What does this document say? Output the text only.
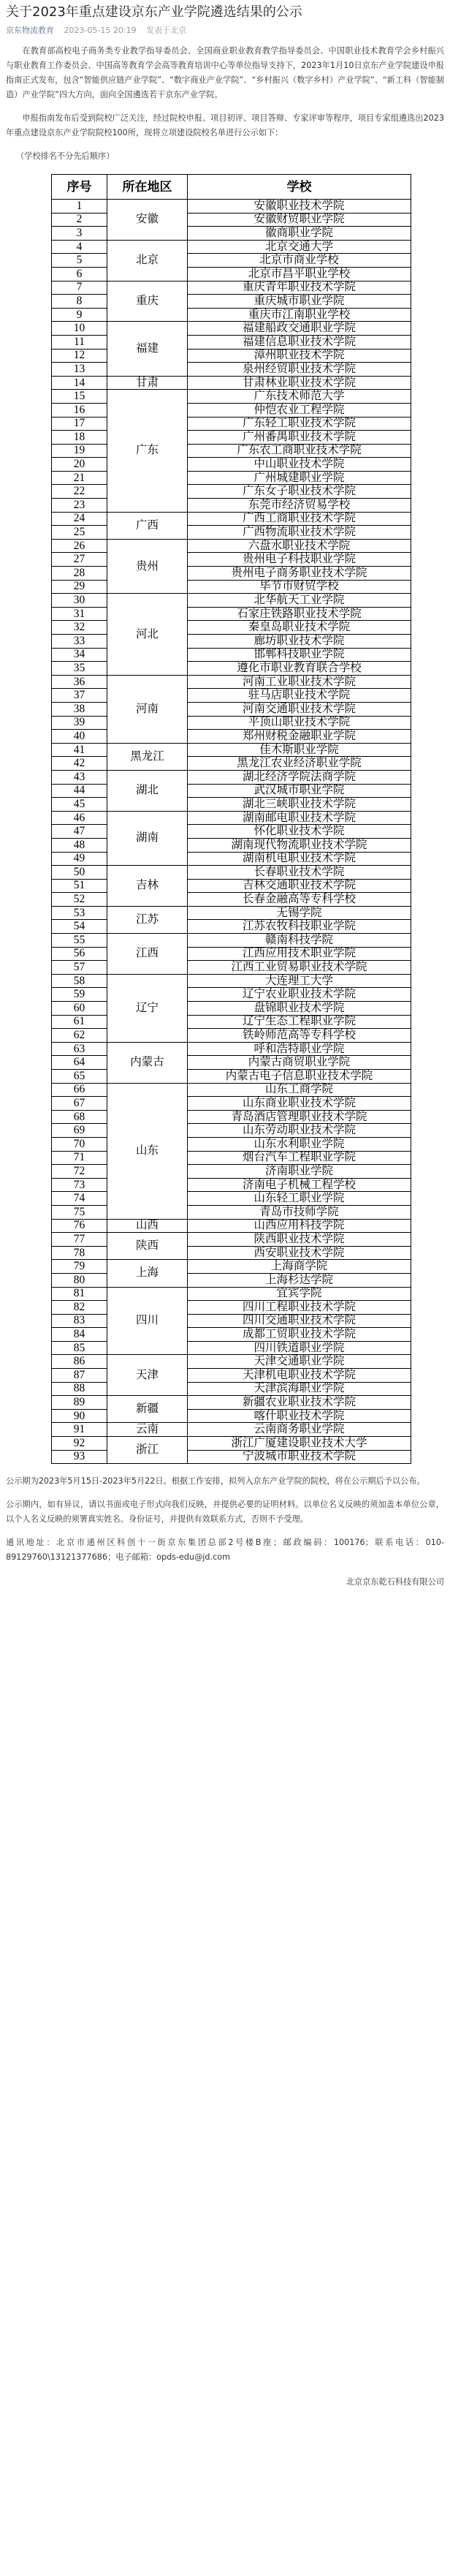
关于2023年重点建设京东产业学院遴选结果的公示
京东物流教育 2023-05-15 20:19 发表于北京

在教育部高校电子商务类专业教学指导委员会、全国商业职业教育教学指导委员会、中国职业技术教育学会乡村振兴与职业教育工作委员会、中国高等教育学会高等教育培训中心等单位指导支持下，2023年1月10日京东产业学院建设申报指南正式发布，包含“智能供应链产业学院”、“数字商业产业学院”、“乡村振兴（数字乡村）产业学院”、“新工科（智能制造）产业学院”四大方向，面向全国遴选若干京东产业学院。

申报指南发布后受到院校广泛关注，经过院校申报、项目初评、项目答辩、专家评审等程序，项目专家组遴选出2023年重点建设京东产业学院院校100所，现将立项建设院校名单进行公示如下：

（学校排名不分先后顺序）
序号	所在地区	学校
1	安徽	安徽职业技术学院
2		安徽财贸职业学院
3		徽商职业学院
4	北京	北京交通大学
5		北京市商业学校
6		北京市昌平职业学校
7	重庆	重庆青年职业技术学院
8		重庆城市职业学院
9		重庆市江南职业学校
10	福建	福建船政交通职业学院
11		福建信息职业技术学院
12		漳州职业技术学院
13		泉州经贸职业技术学院
14	甘肃	甘肃林业职业技术学院
15	广东	广东技术师范大学
16		仲恺农业工程学院
17		广东轻工职业技术学院
18		广州番禺职业技术学院
19		广东农工商职业技术学院
20		中山职业技术学院
21		广州城建职业学院
22		广东女子职业技术学院
23		东莞市经济贸易学校
24	广西	广西工商职业技术学院
25		广西物流职业技术学院
26	贵州	六盘水职业技术学院
27		贵州电子科技职业学院
28		贵州电子商务职业技术学院
29		毕节市财贸学校
30	河北	北华航天工业学院
31		石家庄铁路职业技术学院
32		秦皇岛职业技术学院
33		廊坊职业技术学院
34		邯郸科技职业学院
35		遵化市职业教育联合学校
36	河南	河南工业职业技术学院
37		驻马店职业技术学院
38		河南交通职业技术学院
39		平顶山职业技术学院
40		郑州财税金融职业学院
41	黑龙江	佳木斯职业学院
42		黑龙江农业经济职业学院
43	湖北	湖北经济学院法商学院
44		武汉城市职业学院
45		湖北三峡职业技术学院
46	湖南	湖南邮电职业技术学院
47		怀化职业技术学院
48		湖南现代物流职业技术学院
49		湖南机电职业技术学院
50	吉林	长春职业技术学院
51		吉林交通职业技术学院
52		长春金融高等专科学校
53	江苏	无锡学院
54		江苏农牧科技职业学院
55	江西	赣南科技学院
56		江西应用技术职业学院
57		江西工业贸易职业技术学院
58	辽宁	大连理工大学
59		辽宁农业职业技术学院
60		盘锦职业技术学院
61		辽宁生态工程职业学院
62		铁岭师范高等专科学校
63	内蒙古	呼和浩特职业学院
64		内蒙古商贸职业学院
65		内蒙古电子信息职业技术学院
66	山东	山东工商学院
67		山东商业职业技术学院
68		青岛酒店管理职业技术学院
69		山东劳动职业技术学院
70		山东水利职业学院
71		烟台汽车工程职业学院
72		济南职业学院
73		济南电子机械工程学校
74		山东轻工职业学院
75		青岛市技师学院
76	山西	山西应用科技学院
77	陕西	陕西职业技术学院
78		西安职业技术学院
79	上海	上海商学院
80		上海杉达学院
81	四川	宜宾学院
82		四川工程职业技术学院
83		四川交通职业技术学院
84		成都工贸职业技术学院
85		四川铁道职业学院
86	天津	天津交通职业学院
87		天津机电职业技术学院
88		天津滨海职业学院
89	新疆	新疆农业职业技术学院
90		喀什职业技术学院
91	云南	云南商务职业学院
92	浙江	浙江广厦建设职业技术大学
93		宁波城市职业技术学院

公示期为2023年5月15日-2023年5月22日。根据工作安排，拟列入京东产业学院的院校，将在公示期后予以公布。

公示期内，如有异议，请以书面或电子形式向我们反映，并提供必要的证明材料。以单位名义反映的须加盖本单位公章，以个人名义反映的须署真实姓名、身份证号，并提供有效联系方式，否则不予受理。

通讯地址：北京市通州区科创十一街京东集团总部2号楼B座；邮政编码：100176；联系电话：010-89129760\13121377686；电子邮箱：opds-edu@jd.com

北京京东乾石科技有限公司
